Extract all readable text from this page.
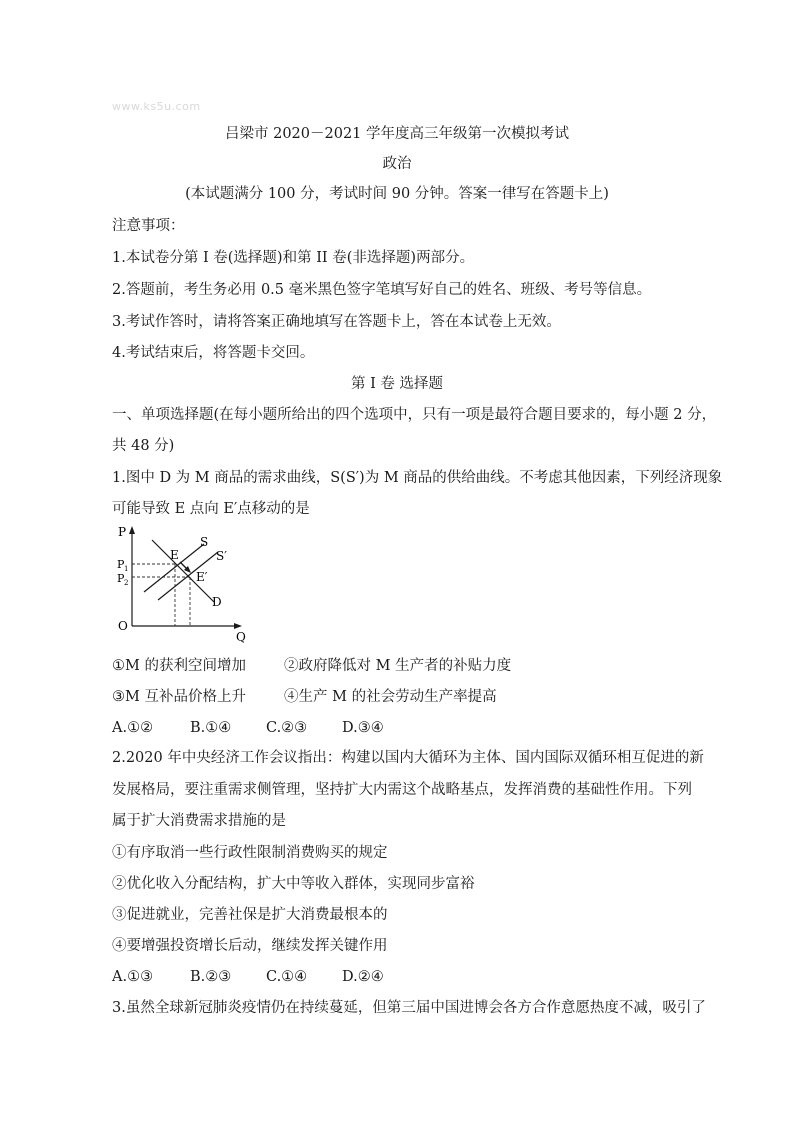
www.ks5u.com
吕梁市 2020－2021 学年度高三年级第一次模拟考试
政治
(本试题满分 100 分，考试时间 90 分钟。答案一律写在答题卡上)
注意事项：
1.本试卷分第 I 卷(选择题)和第 II 卷(非选择题)两部分。
2.答题前，考生务必用 0.5 毫米黑色签字笔填写好自己的姓名、班级、考号等信息。
3.考试作答时，请将答案正确地填写在答题卡上，答在本试卷上无效。
4.考试结束后，将答题卡交回。
第 I 卷 选择题
一、单项选择题(在每小题所给出的四个选项中，只有一项是最符合题目要求的，每小题 2 分，
共 48 分)
1.图中 D 为 M 商品的需求曲线，S(S′)为 M 商品的供给曲线。不考虑其他因素，下列经济现象
可能导致 E 点向 E′点移动的是
P
Q
O
P 1
P 2
E
E′
S
S′
D
①M 的获利空间增加	②政府降低对 M 生产者的补贴力度
③M 互补品价格上升	④生产 M 的社会劳动生产率提高
A.①②	B.①④ C.②③ D.③④
2.2020 年中央经济工作会议指出：构建以国内大循环为主体、国内国际双循环相互促进的新
发展格局，要注重需求侧管理，坚持扩大内需这个战略基点，发挥消费的基础性作用。下列
属于扩大消费需求措施的是
①有序取消一些行政性限制消费购买的规定
②优化收入分配结构，扩大中等收入群体，实现同步富裕
③促进就业，完善社保是扩大消费最根本的
④要增强投资增长后动，继续发挥关键作用
A.①③	B.②③ C.①④ D.②④
3.虽然全球新冠肺炎疫情仍在持续蔓延，但第三届中国进博会各方合作意愿热度不减，吸引了
